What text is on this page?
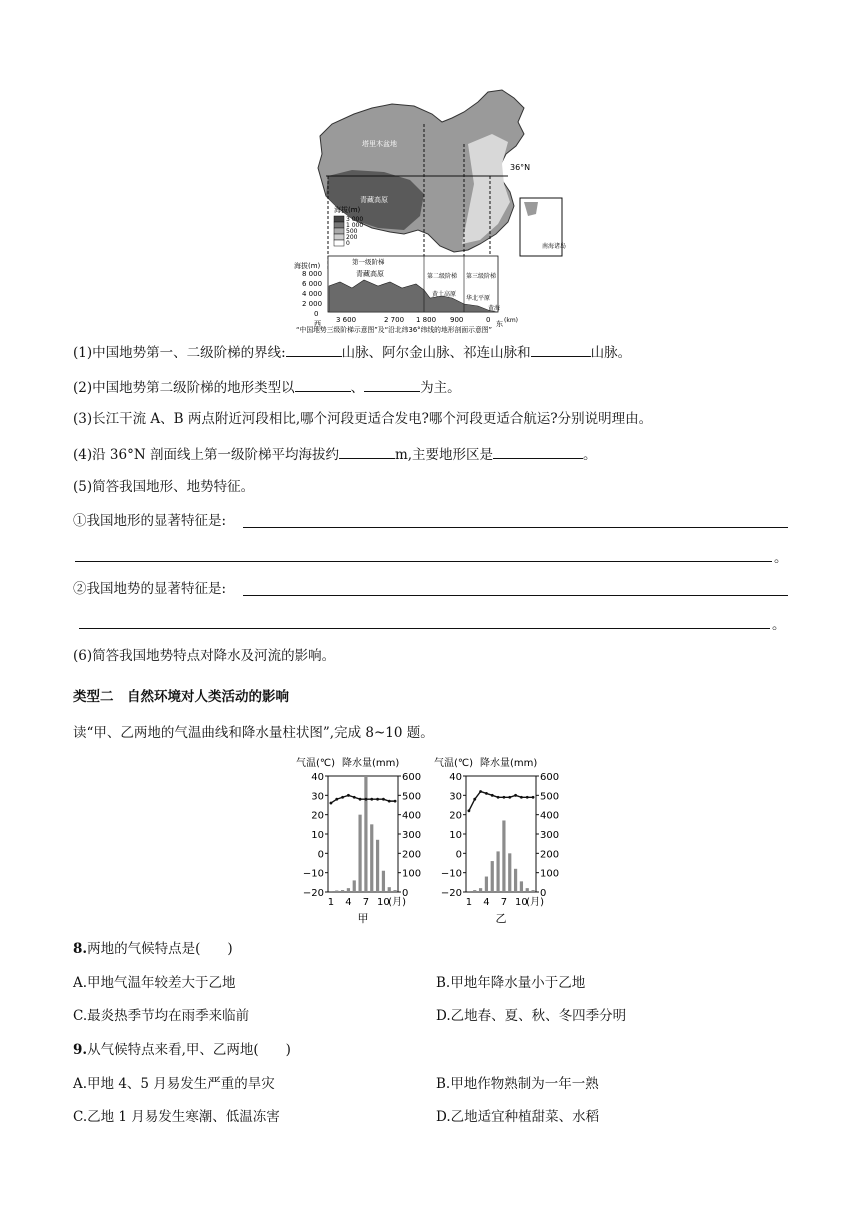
36°N
塔里木盆地
青藏高原
海拔(m)
3 000
1 000
500
200
0	南海诸岛
海拔(m)
8 000
6 000
4 000
2 000
0
西	东
第一级阶梯
第二级阶梯 第三级阶梯
青藏高原
黄土高原
华北平原
黄海
3 600	2 700 1 800 900	0 (km)
“中国地势三级阶梯示意图”及“沿北纬36°纬线的地形剖面示意图”
(1)中国地势第一、二级阶梯的界线:	山脉、阿尔金山脉、祁连山脉和	山脉。
(2)中国地势第二级阶梯的地形类型以	、	为主。
(3)长江干流 A、B 两点附近河段相比,哪个河段更适合发电?哪个河段更适合航运?分别说明理由。
(4)沿 36°N 剖面线上第一级阶梯平均海拔约	m,主要地形区是	。
(5)简答我国地形、地势特征。
①我国地形的显著特征是:
。
②我国地势的显著特征是:
。
(6)简答我国地势特点对降水及河流的影响。
类型二　自然环境对人类活动的影响
读“甲、乙两地的气温曲线和降水量柱状图”,完成 8~10 题。
气温(℃) 降水量(mm)
40
30
20
10
0
−10
−20
600
500
400
300
200
100
0
1 4 7 10
(月)
甲
气温(℃) 降水量(mm)
40
30
20
10
0
−10
−20
600
500
400
300
200
100
0
1 4 7 10
(月)
乙
8.两地的气候特点是(　　)
A.甲地气温年较差大于乙地	B.甲地年降水量小于乙地
C.最炎热季节均在雨季来临前	D.乙地春、夏、秋、冬四季分明
9.从气候特点来看,甲、乙两地(　　)
A.甲地 4、5 月易发生严重的旱灾	B.甲地作物熟制为一年一熟
C.乙地 1 月易发生寒潮、低温冻害	D.乙地适宜种植甜菜、水稻
